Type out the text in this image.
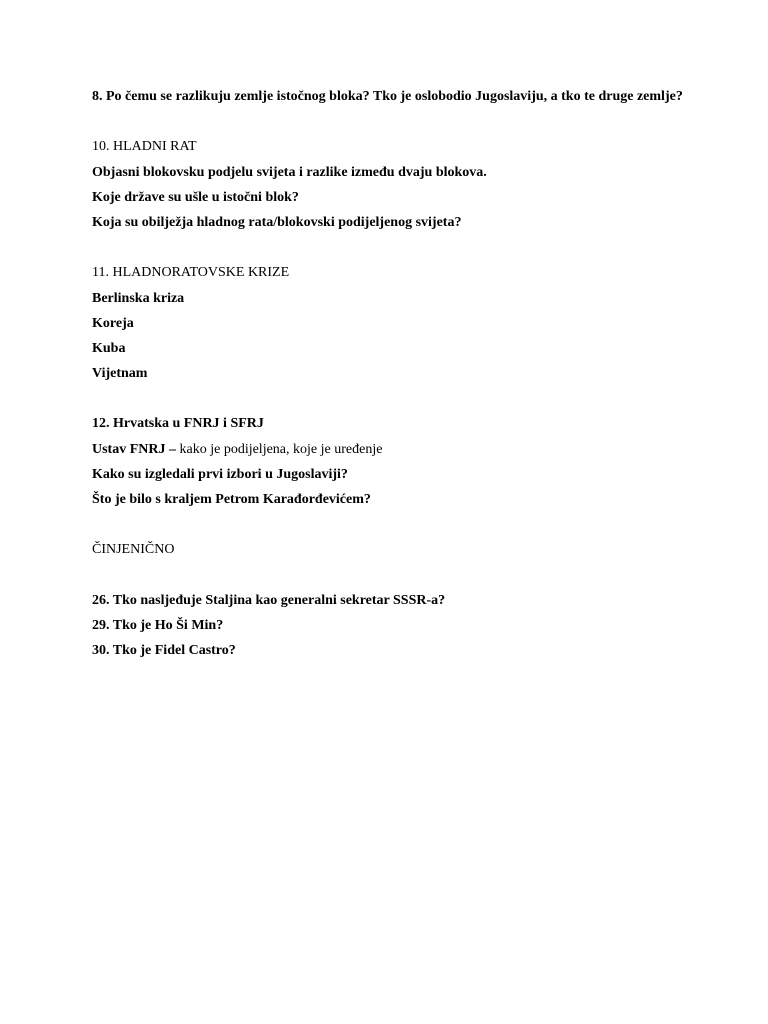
8. Po čemu se razlikuju zemlje istočnog bloka? Tko je oslobodio Jugoslaviju, a tko te druge zemlje?
10. HLADNI RAT
Objasni blokovsku podjelu svijeta i razlike između dvaju blokova.
Koje države su ušle u istočni blok?
Koja su obilježja hladnog rata/blokovski podijeljenog svijeta?
11. HLADNORATOVSKE KRIZE
Berlinska kriza
Koreja
Kuba
Vijetnam
12. Hrvatska u FNRJ i SFRJ
Ustav FNRJ – kako je podijeljena, koje je uređenje
Kako su izgledali prvi izbori u Jugoslaviji?
Što je bilo s kraljem Petrom Karađorđevićem?
ČINJENIČNO
26. Tko nasljeđuje Staljina kao generalni sekretar SSSR-a?
29. Tko je Ho Ši Min?
30. Tko je Fidel Castro?
